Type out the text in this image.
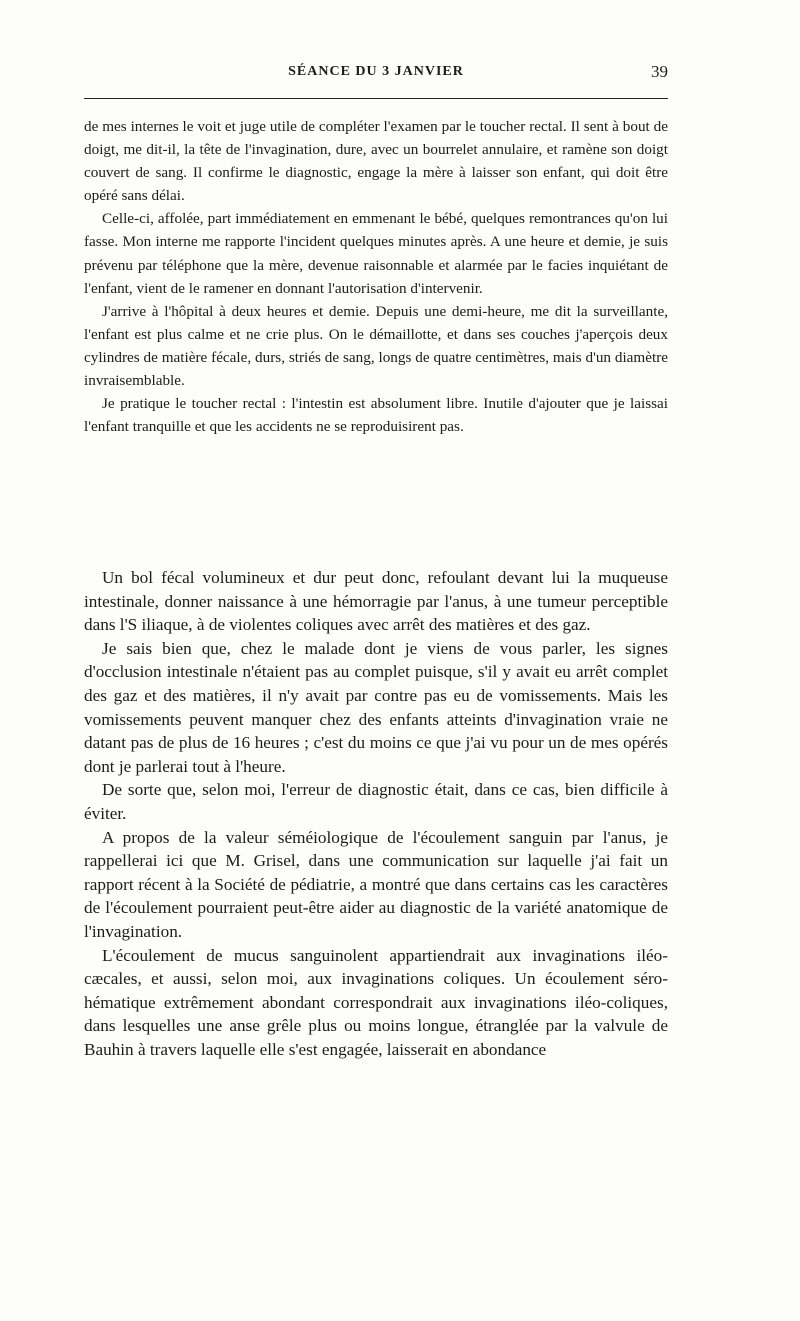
SÉANCE DU 3 JANVIER	39

de mes internes le voit et juge utile de compléter l'examen par le toucher rectal. Il sent à bout de doigt, me dit-il, la tête de l'invagination, dure, avec un bourrelet annulaire, et ramène son doigt couvert de sang. Il confirme le diagnostic, engage la mère à laisser son enfant, qui doit être opéré sans délai.

Celle-ci, affolée, part immédiatement en emmenant le bébé, quelques remontrances qu'on lui fasse. Mon interne me rapporte l'incident quelques minutes après. A une heure et demie, je suis prévenu par téléphone que la mère, devenue raisonnable et alarmée par le facies inquiétant de l'enfant, vient de le ramener en donnant l'autorisation d'intervenir.

J'arrive à l'hôpital à deux heures et demie. Depuis une demi-heure, me dit la surveillante, l'enfant est plus calme et ne crie plus. On le démaillotte, et dans ses couches j'aperçois deux cylindres de matière fécale, durs, striés de sang, longs de quatre centimètres, mais d'un diamètre invraisemblable.

Je pratique le toucher rectal : l'intestin est absolument libre. Inutile d'ajouter que je laissai l'enfant tranquille et que les accidents ne se reproduisirent pas.

Un bol fécal volumineux et dur peut donc, refoulant devant lui la muqueuse intestinale, donner naissance à une hémorragie par l'anus, à une tumeur perceptible dans l'S iliaque, à de violentes coliques avec arrêt des matières et des gaz.

Je sais bien que, chez le malade dont je viens de vous parler, les signes d'occlusion intestinale n'étaient pas au complet puisque, s'il y avait eu arrêt complet des gaz et des matières, il n'y avait par contre pas eu de vomissements. Mais les vomissements peuvent manquer chez des enfants atteints d'invagination vraie ne datant pas de plus de 16 heures ; c'est du moins ce que j'ai vu pour un de mes opérés dont je parlerai tout à l'heure.

De sorte que, selon moi, l'erreur de diagnostic était, dans ce cas, bien difficile à éviter.

A propos de la valeur séméiologique de l'écoulement sanguin par l'anus, je rappellerai ici que M. Grisel, dans une communication sur laquelle j'ai fait un rapport récent à la Société de pédiatrie, a montré que dans certains cas les caractères de l'écoulement pourraient peut-être aider au diagnostic de la variété anatomique de l'invagination.

L'écoulement de mucus sanguinolent appartiendrait aux invaginations iléo-cæcales, et aussi, selon moi, aux invaginations coliques. Un écoulement séro-hématique extrêmement abondant correspondrait aux invaginations iléo-coliques, dans lesquelles une anse grêle plus ou moins longue, étranglée par la valvule de Bauhin à travers laquelle elle s'est engagée, laisserait en abondance
